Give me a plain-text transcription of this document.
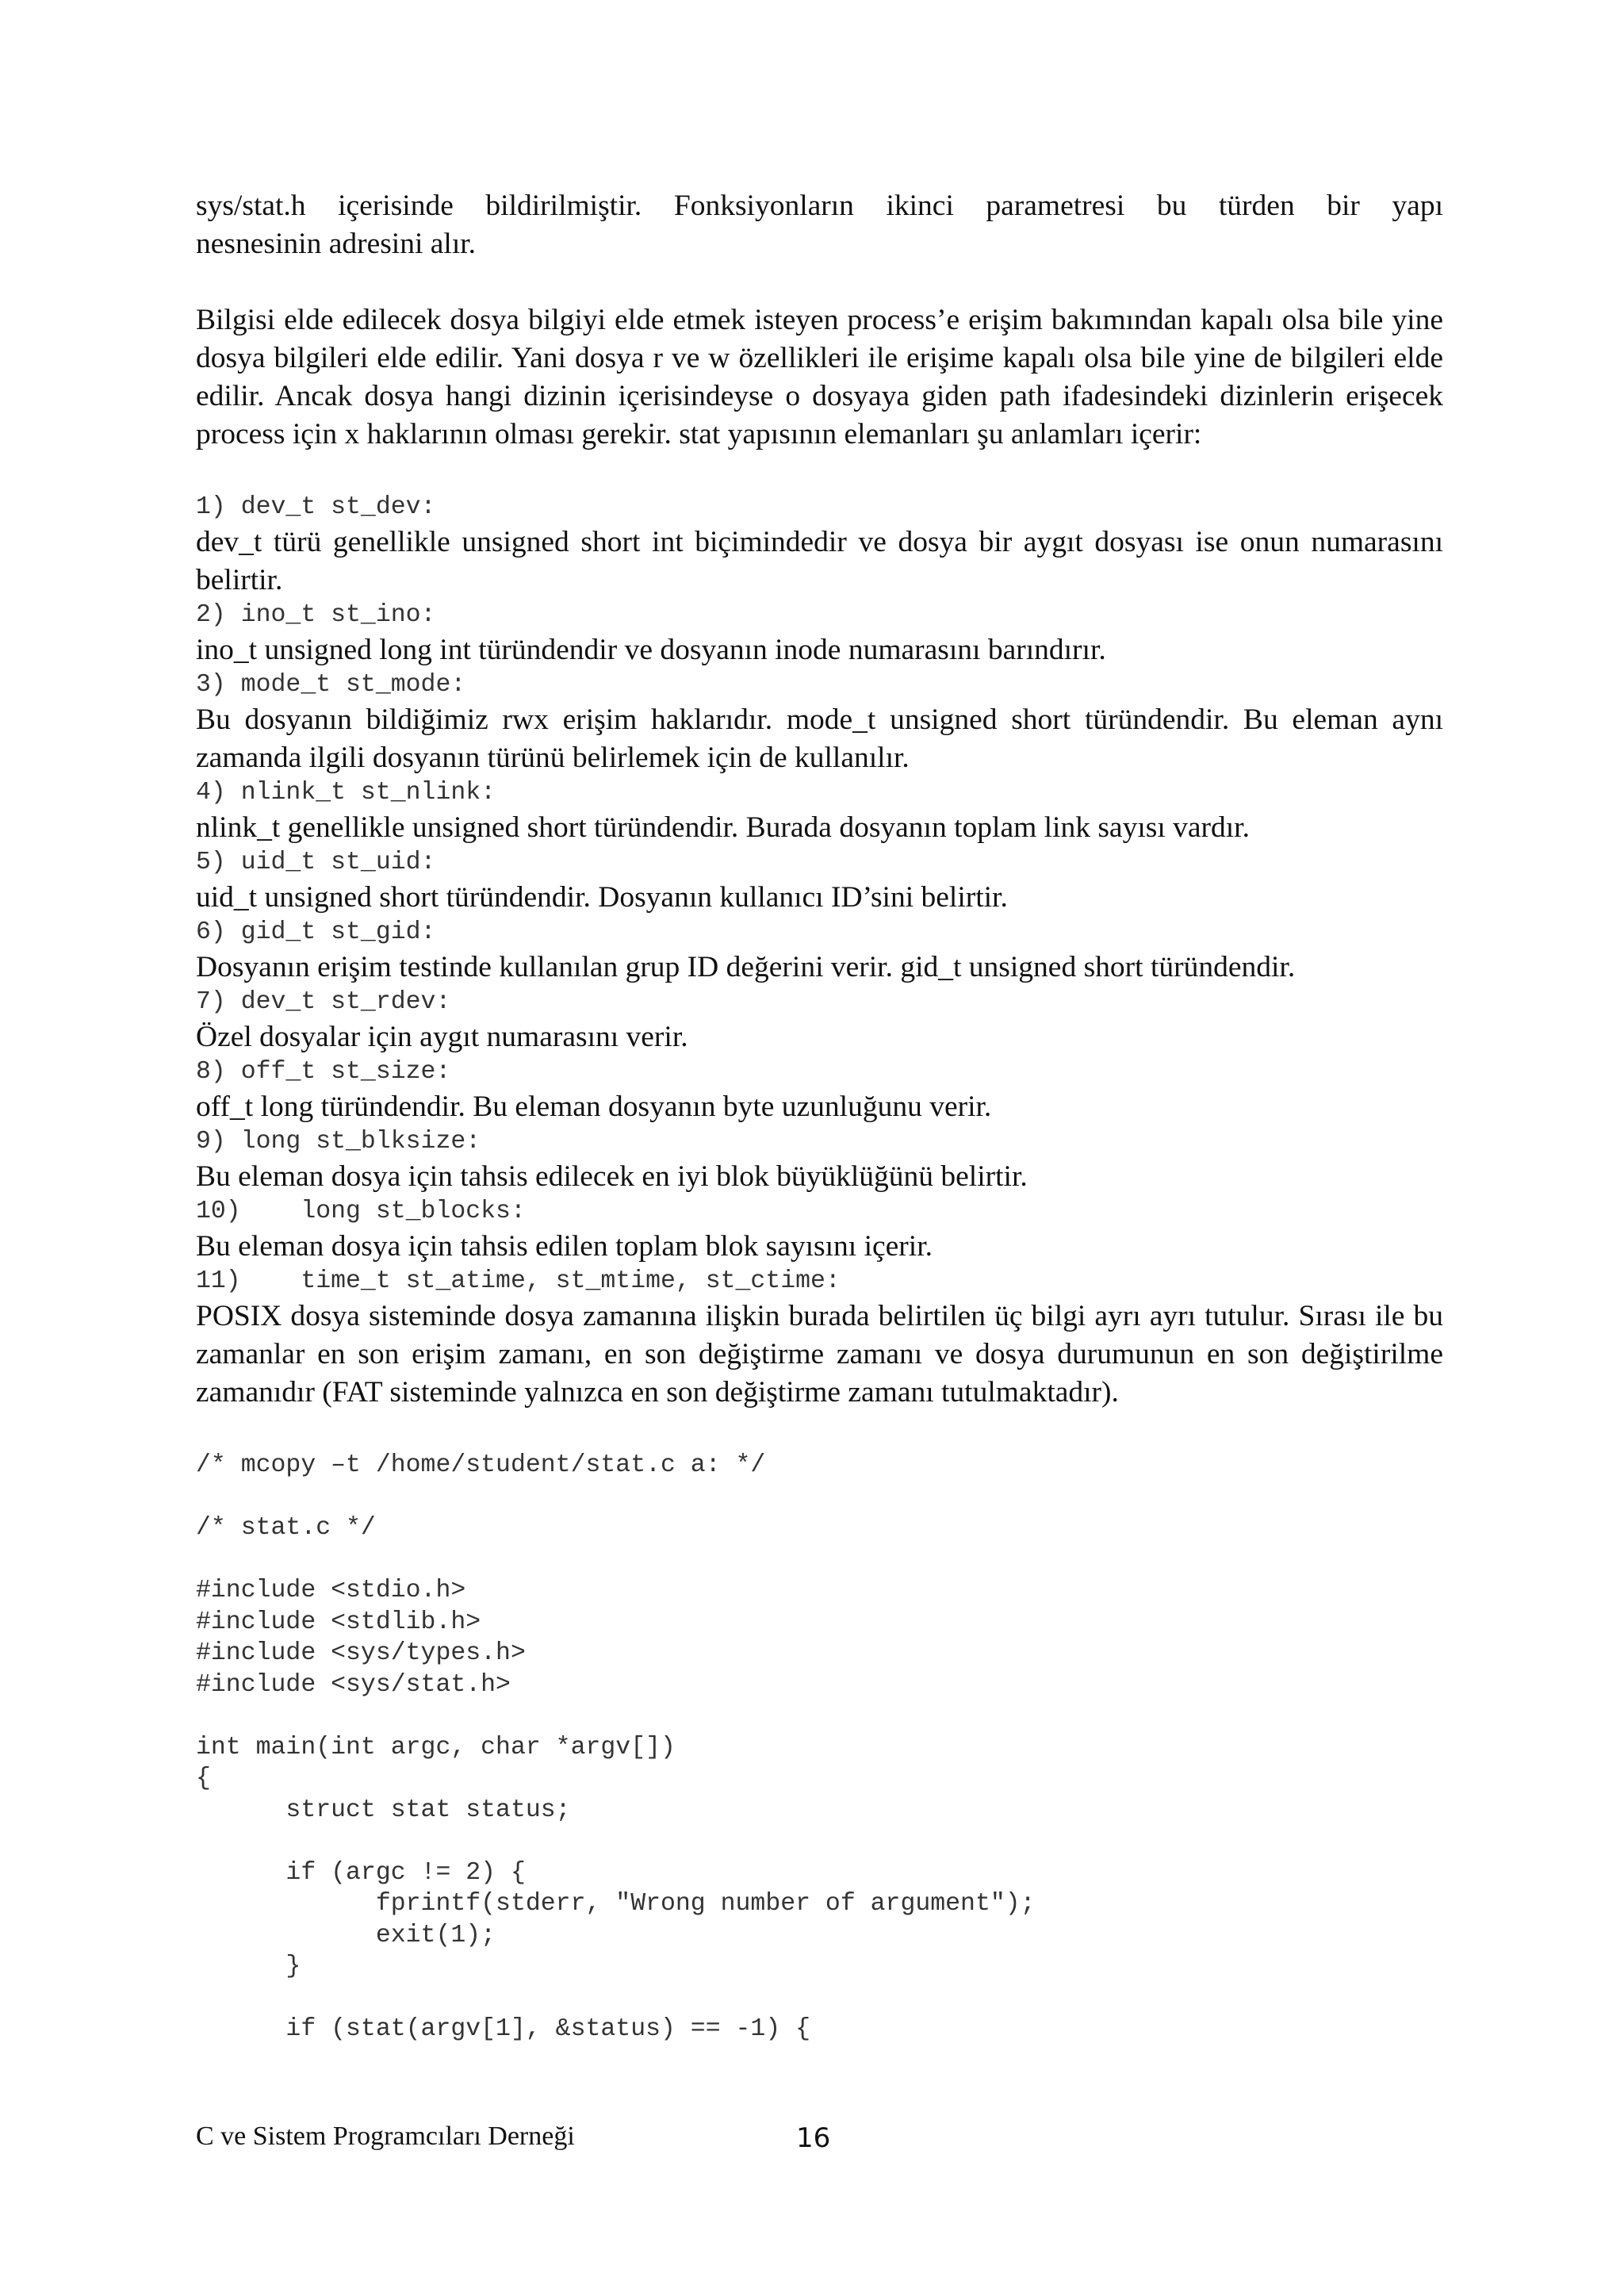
sys/stat.h içerisinde bildirilmiştir. Fonksiyonların ikinci parametresi bu türden bir yapı

nesnesinin adresini alır.

Bilgisi elde edilecek dosya bilgiyi elde etmek isteyen process’e erişim bakımından kapalı olsa bile yine dosya bilgileri elde edilir. Yani dosya r ve w özellikleri ile erişime kapalı olsa bile yine de bilgileri elde edilir. Ancak dosya hangi dizinin içerisindeyse o dosyaya giden path ifadesindeki dizinlerin erişecek process için x haklarının olması gerekir. stat yapısının elemanları şu anlamları içerir:

1) dev_t st_dev:

dev_t türü genellikle unsigned short int biçimindedir ve dosya bir aygıt dosyası ise onun numarasını belirtir.

2) ino_t st_ino:

ino_t unsigned long int türündendir ve dosyanın inode numarasını barındırır.

3) mode_t st_mode:

Bu dosyanın bildiğimiz rwx erişim haklarıdır. mode_t unsigned short türündendir. Bu eleman aynı zamanda ilgili dosyanın türünü belirlemek için de kullanılır.

4) nlink_t st_nlink:

nlink_t genellikle unsigned short türündendir. Burada dosyanın toplam link sayısı vardır.

5) uid_t st_uid:

uid_t unsigned short türündendir. Dosyanın kullanıcı ID’sini belirtir.

6) gid_t st_gid:

Dosyanın erişim testinde kullanılan grup ID değerini verir. gid_t unsigned short türündendir.

7) dev_t st_rdev:

Özel dosyalar için aygıt numarasını verir.

8) off_t st_size:

off_t long türündendir. Bu eleman dosyanın byte uzunluğunu verir.

9) long st_blksize:

Bu eleman dosya için tahsis edilecek en iyi blok büyüklüğünü belirtir.

10)    long st_blocks:

Bu eleman dosya için tahsis edilen toplam blok sayısını içerir.

11)    time_t st_atime, st_mtime, st_ctime:

POSIX dosya sisteminde dosya zamanına ilişkin burada belirtilen üç bilgi ayrı ayrı tutulur. Sırası ile bu zamanlar en son erişim zamanı, en son değiştirme zamanı ve dosya durumunun en son değiştirilme zamanıdır (FAT sisteminde yalnızca en son değiştirme zamanı tutulmaktadır).

/* mcopy –t /home/student/stat.c a: */

/* stat.c */

#include <stdio.h>

#include <stdlib.h>

#include <sys/types.h>

#include <sys/stat.h>

int main(int argc, char *argv[])

{

struct stat status;

if (argc != 2) {

fprintf(stderr, "Wrong number of argument");

exit(1);

}

if (stat(argv[1], &status) == -1) {

C ve Sistem Programcıları Derneği	16
